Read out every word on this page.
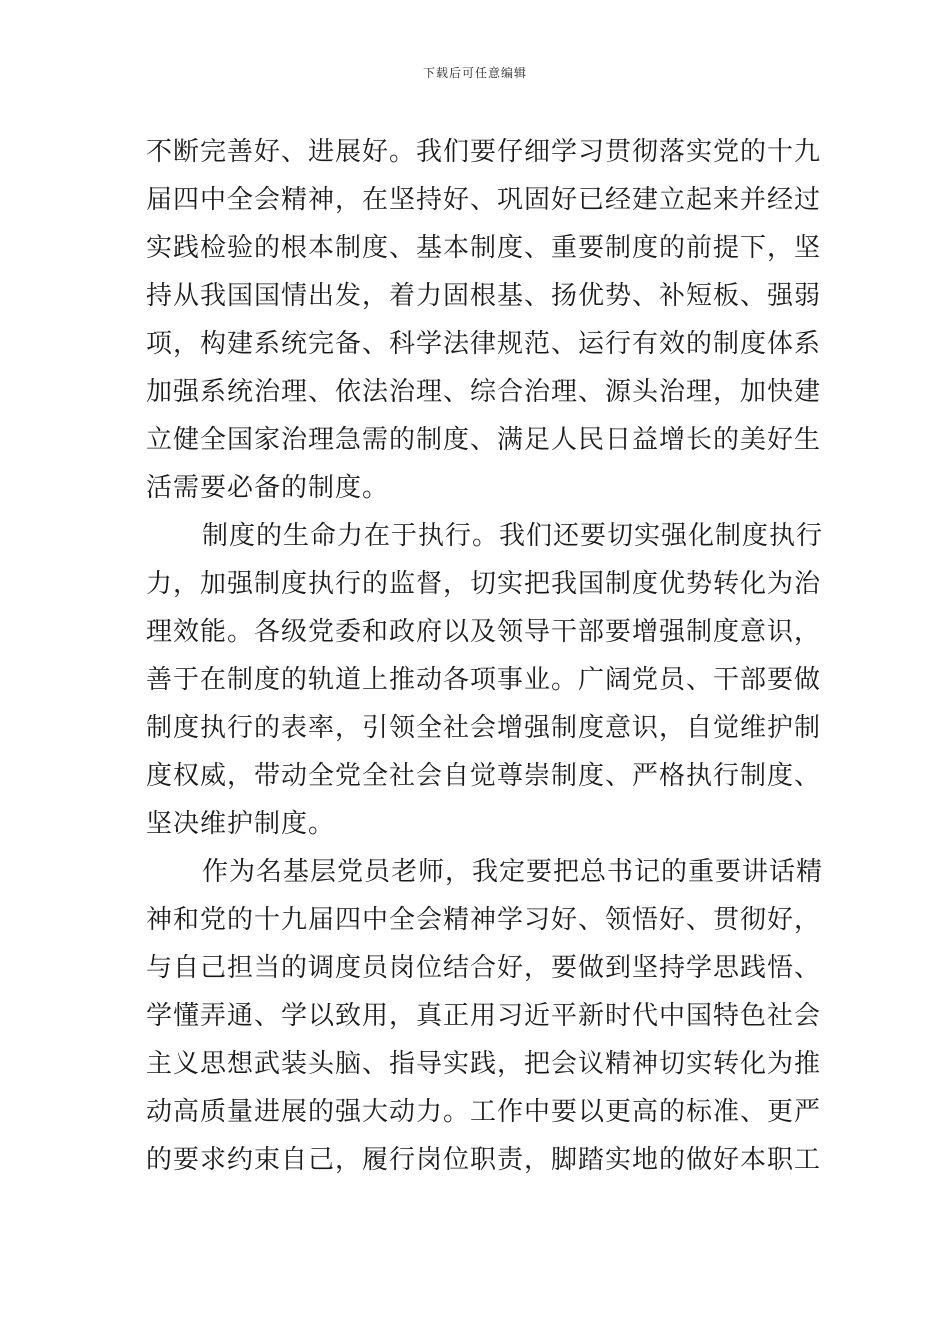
下载后可任意编辑
不断完善好、进展好。我们要仔细学习贯彻落实党的十九
届四中全会精神，在坚持好、巩固好已经建立起来并经过
实践检验的根本制度、基本制度、重要制度的前提下，坚
持从我国国情出发，着力固根基、扬优势、补短板、强弱
项，构建系统完备、科学法律规范、运行有效的制度体系
加强系统治理、依法治理、综合治理、源头治理，加快建
立健全国家治理急需的制度、满足人民日益增长的美好生
活需要必备的制度。
制度的生命力在于执行。我们还要切实强化制度执行
力，加强制度执行的监督，切实把我国制度优势转化为治
理效能。各级党委和政府以及领导干部要增强制度意识，
善于在制度的轨道上推动各项事业。广阔党员、干部要做
制度执行的表率，引领全社会增强制度意识，自觉维护制
度权威，带动全党全社会自觉尊崇制度、严格执行制度、
坚决维护制度。
作为名基层党员老师，我定要把总书记的重要讲话精
神和党的十九届四中全会精神学习好、领悟好、贯彻好，
与自己担当的调度员岗位结合好，要做到坚持学思践悟、
学懂弄通、学以致用，真正用习近平新时代中国特色社会
主义思想武装头脑、指导实践，把会议精神切实转化为推
动高质量进展的强大动力。工作中要以更高的标准、更严
的要求约束自己，履行岗位职责，脚踏实地的做好本职工
